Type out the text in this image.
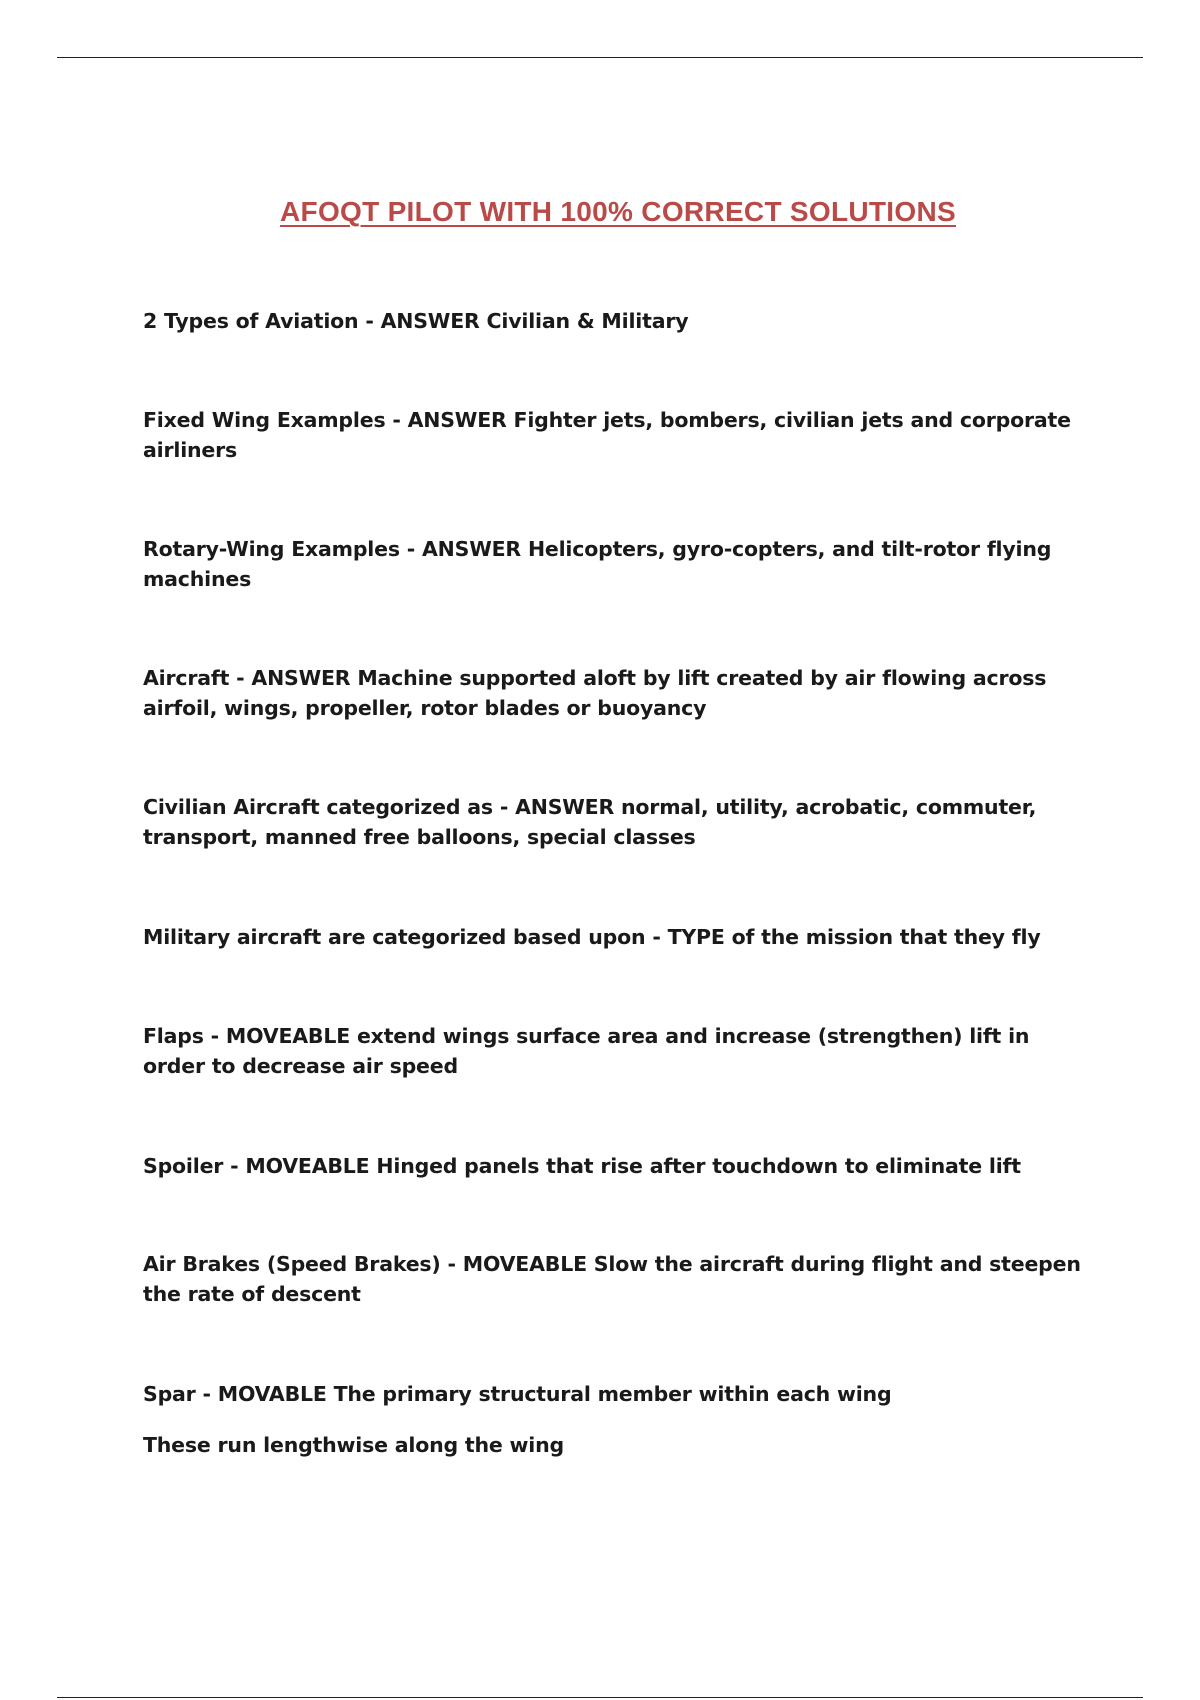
AFOQT PILOT WITH 100% CORRECT SOLUTIONS

2 Types of Aviation - ANSWER Civilian & Military

Fixed Wing Examples - ANSWER Fighter jets, bombers, civilian jets and corporate airliners

Rotary-Wing Examples - ANSWER Helicopters, gyro-copters, and tilt-rotor flying machines

Aircraft - ANSWER Machine supported aloft by lift created by air flowing across airfoil, wings, propeller, rotor blades or buoyancy

Civilian Aircraft categorized as - ANSWER normal, utility, acrobatic, commuter, transport, manned free balloons, special classes

Military aircraft are categorized based upon - TYPE of the mission that they fly

Flaps - MOVEABLE extend wings surface area and increase (strengthen) lift in order to decrease air speed

Spoiler - MOVEABLE Hinged panels that rise after touchdown to eliminate lift

Air Brakes (Speed Brakes) - MOVEABLE Slow the aircraft during flight and steepen the rate of descent

Spar - MOVABLE The primary structural member within each wing

These run lengthwise along the wing
